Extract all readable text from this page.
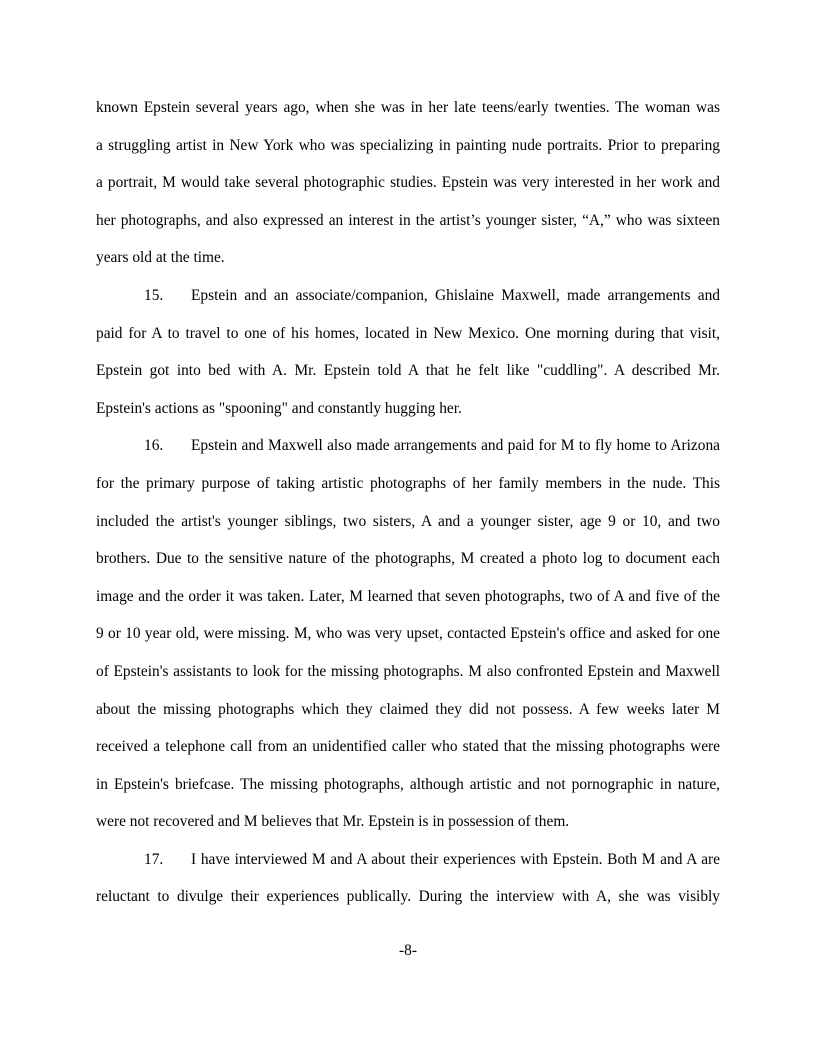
known Epstein several years ago, when she was in her late teens/early twenties. The woman was
a struggling artist in New York who was specializing in painting nude portraits. Prior to preparing
a portrait, M would take several photographic studies. Epstein was very interested in her work and
her photographs, and also expressed an interest in the artist’s younger sister, “A,” who was sixteen
years old at the time.
15. Epstein and an associate/companion, Ghislaine Maxwell, made arrangements and
paid for A to travel to one of his homes, located in New Mexico. One morning during that visit,
Epstein got into bed with A. Mr. Epstein told A that he felt like "cuddling". A described Mr.
Epstein's actions as "spooning" and constantly hugging her.
16. Epstein and Maxwell also made arrangements and paid for M to fly home to Arizona
for the primary purpose of taking artistic photographs of her family members in the nude. This
included the artist's younger siblings, two sisters, A and a younger sister, age 9 or 10, and two
brothers. Due to the sensitive nature of the photographs, M created a photo log to document each
image and the order it was taken. Later, M learned that seven photographs, two of A and five of the
9 or 10 year old, were missing. M, who was very upset, contacted Epstein's office and asked for one
of Epstein's assistants to look for the missing photographs. M also confronted Epstein and Maxwell
about the missing photographs which they claimed they did not possess. A few weeks later M
received a telephone call from an unidentified caller who stated that the missing photographs were
in Epstein's briefcase. The missing photographs, although artistic and not pornographic in nature,
were not recovered and M believes that Mr. Epstein is in possession of them.
17. I have interviewed M and A about their experiences with Epstein. Both M and A are
reluctant to divulge their experiences publically. During the interview with A, she was visibly
-8-
